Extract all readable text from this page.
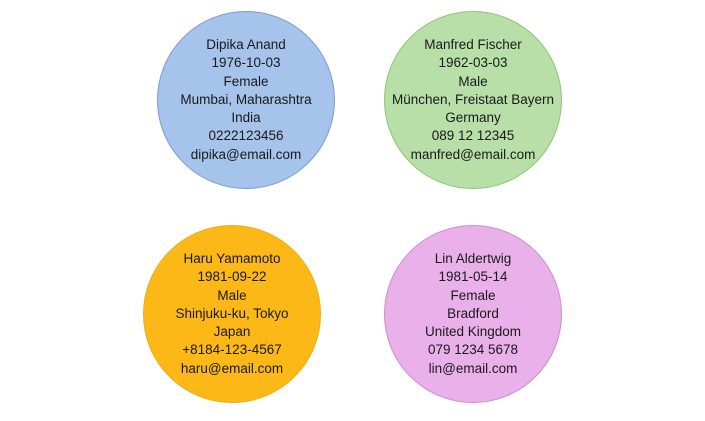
Dipika Anand
1976-10-03
Female
Mumbai, Maharashtra
India
0222123456
dipika@email.com
Manfred Fischer
1962-03-03
Male
München, Freistaat Bayern
Germany
089 12 12345
manfred@email.com
Haru Yamamoto
1981-09-22
Male
Shinjuku-ku, Tokyo
Japan
+8184-123-4567
haru@email.com
Lin Aldertwig
1981-05-14
Female
Bradford
United Kingdom
079 1234 5678
lin@email.com
